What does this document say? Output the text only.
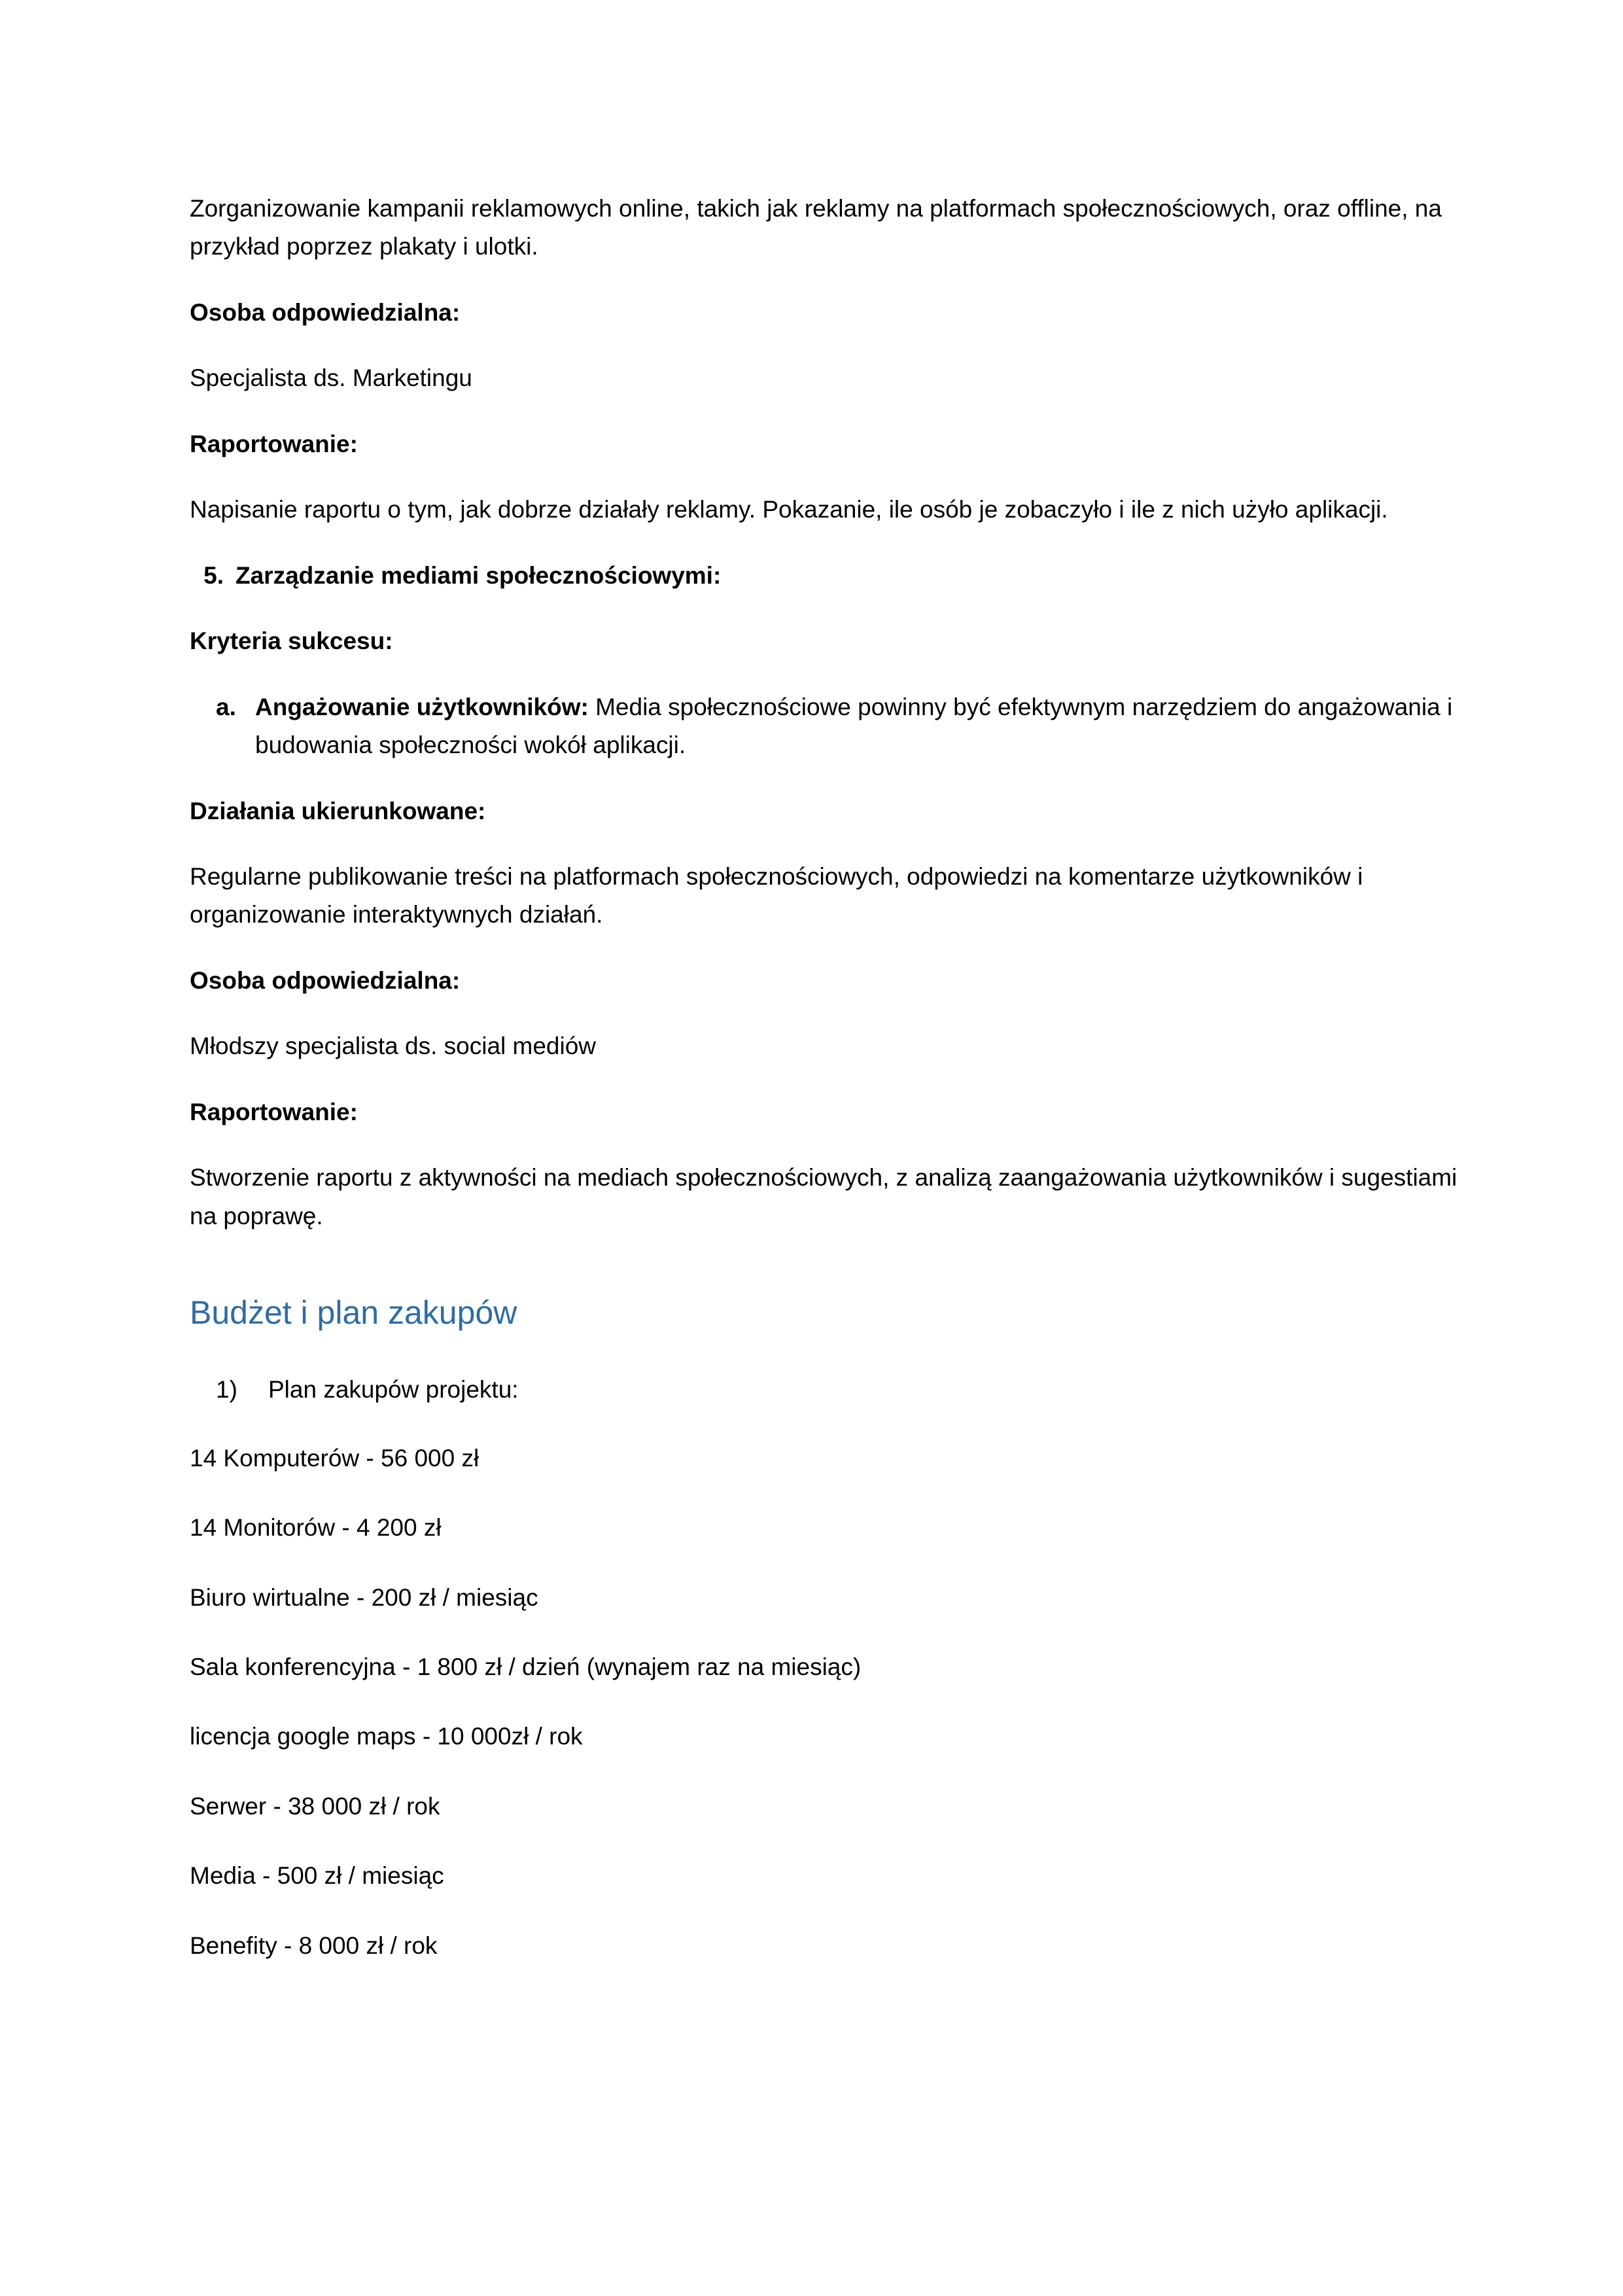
Zorganizowanie kampanii reklamowych online, takich jak reklamy na platformach społecznościowych, oraz offline, na przykład poprzez plakaty i ulotki.

Osoba odpowiedzialna:

Specjalista ds. Marketingu

Raportowanie:

Napisanie raportu o tym, jak dobrze działały reklamy. Pokazanie, ile osób je zobaczyło i ile z nich użyło aplikacji.

5. Zarządzanie mediami społecznościowymi:

Kryteria sukcesu:

a. Angażowanie użytkowników: Media społecznościowe powinny być efektywnym narzędziem do angażowania i budowania społeczności wokół aplikacji.

Działania ukierunkowane:

Regularne publikowanie treści na platformach społecznościowych, odpowiedzi na komentarze użytkowników i organizowanie interaktywnych działań.

Osoba odpowiedzialna:

Młodszy specjalista ds. social mediów

Raportowanie:

Stworzenie raportu z aktywności na mediach społecznościowych, z analizą zaangażowania użytkowników i sugestiami na poprawę.

Budżet i plan zakupów
1) Plan zakupów projektu:

14 Komputerów - 56 000 zł

14 Monitorów - 4 200 zł

Biuro wirtualne - 200 zł / miesiąc

Sala konferencyjna - 1 800 zł / dzień (wynajem raz na miesiąc)

licencja google maps - 10 000zł / rok

Serwer - 38 000 zł / rok

Media - 500 zł / miesiąc

Benefity - 8 000 zł / rok
